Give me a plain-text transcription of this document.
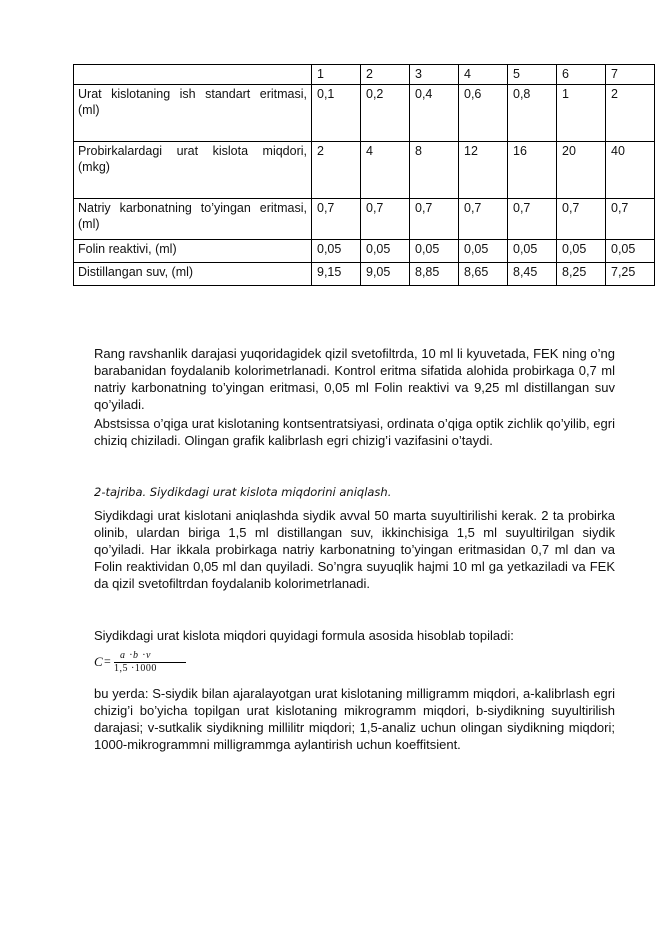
	1	2	3	4	5	6	7
Urat kislotaning ish standart eritmasi, (ml)	0,1	0,2	0,4	0,6	0,8	1	2
Probirkalardagi urat kislota miqdori, (mkg)	2	4	8	12	16	20	40
Natriy karbonatning to’yingan eritmasi, (ml)	0,7	0,7	0,7	0,7	0,7	0,7	0,7
Folin reaktivi, (ml)	0,05	0,05	0,05	0,05	0,05	0,05	0,05
Distillangan suv, (ml)	9,15	9,05	8,85	8,65	8,45	8,25	7,25

Rang ravshanlik darajasi yuqoridagidek qizil svetofiltrda, 10 ml li kyuvetada, FEK ning o’ng barabanidan foydalanib kolorimetrlanadi. Kontrol eritma sifatida alohida probirkaga 0,7 ml natriy karbonatning to’yingan eritmasi, 0,05 ml Folin reaktivi va 9,25 ml distillangan suv qo’yiladi.

Abstsissa o’qiga urat kislotaning kontsentratsiyasi, ordinata o’qiga optik zichlik qo’yilib, egri chiziq chiziladi. Olingan grafik kalibrlash egri chizig’i vazifasini o’taydi.

2-tajriba. Siydikdagi urat kislota miqdorini aniqlash.

Siydikdagi urat kislotani aniqlashda siydik avval 50 marta suyultirilishi kerak. 2 ta probirka olinib, ulardan biriga 1,5 ml distillangan suv, ikkinchisiga 1,5 ml suyultirilgan siydik qo’yiladi. Har ikkala probirkaga natriy karbonatning to’yingan eritmasidan 0,7 ml dan va Folin reaktividan 0,05 ml dan quyiladi. So’ngra suyuqlik hajmi 10 ml ga yetkaziladi va FEK da qizil svetofiltrdan foydalanib kolorimetrlanadi.

Siydikdagi urat kislota miqdori quyidagi formula asosida hisoblab topiladi:

C = a ·b ·v
1,5 ·1000

bu yerda: S-siydik bilan ajaralayotgan urat kislotaning milligramm miqdori, a-kalibrlash egri chizig’i bo’yicha topilgan urat kislotaning mikrogramm miqdori, b-siydikning suyultirilish darajasi; v-sutkalik siydikning millilitr miqdori; 1,5-analiz uchun olingan siydikning miqdori; 1000-mikrogrammni milligrammga aylantirish uchun koeffitsient.
